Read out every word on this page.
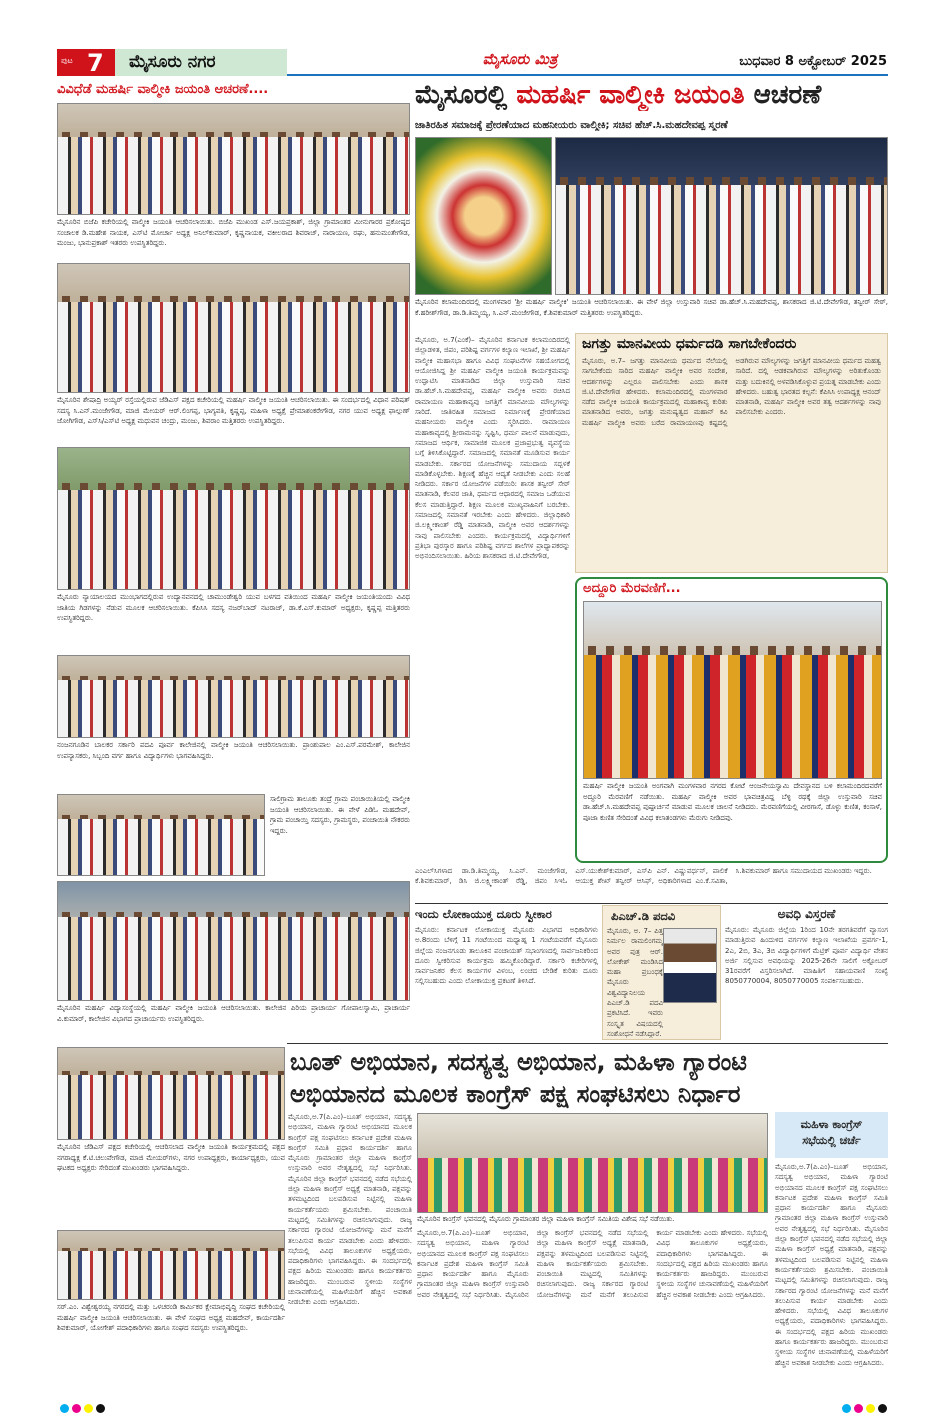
ಪುಟ 7 ಮೈಸೂರು ನಗರ	ಮೈಸೂರು ಮಿತ್ರ	ಬುಧವಾರ 8 ಅಕ್ಟೋಬರ್ 2025
ವಿವಿಧೆಡೆ ಮಹರ್ಷಿ ವಾಲ್ಮೀಕಿ ಜಯಂತಿ ಆಚರಣೆ....
ಮೈಸೂರಿನ ಬಿಜೆಪಿ ಕಚೇರಿಯಲ್ಲಿ ವಾಲ್ಮೀಕಿ ಜಯಂತಿ ಆಚರಿಸಲಾಯಿತು. ಬಿಜೆಪಿ ಮುಖಂಡ ಎಸ್.ಜಯಪ್ರಕಾಶ್, ಜಿಲ್ಲಾ ಗ್ರಾಮಾಂತರ ಮೀನುಗಾರರ ಪ್ರಕೋಷ್ಠದ ಸಂಚಾಲಕ ಡಿ.ಮಹೇಶ ನಾಯಕ, ಎಸ್‌ಟಿ ಮೋರ್ಚಾ ಅಧ್ಯಕ್ಷ ಅನಿಲ್‌ಕುಮಾರ್, ಕೃಷ್ಣನಾಯಕ, ವಕೀಲರಾದ ಶಿವರಾಜ್, ನಾರಾಯಣ, ರಘು, ಹನುಮಂತೇಗೌಡ, ಮಂಜು, ಭಾನುಪ್ರಕಾಶ್ ಇತರರು ಉಪಸ್ಥಿತರಿದ್ದರು.
ಮೈಸೂರಿನ ಶೇಷಾದ್ರಿ ಅಯ್ಯರ್ ರಸ್ತೆಯಲ್ಲಿರುವ ಜೆಡಿಎಸ್ ಪಕ್ಷದ ಕಚೇರಿಯಲ್ಲಿ ಮಹರ್ಷಿ ವಾಲ್ಮೀಕಿ ಜಯಂತಿ ಆಚರಿಸಲಾಯಿತು. ಈ ಸಂದರ್ಭದಲ್ಲಿ ವಿಧಾನ ಪರಿಷತ್ ಸದಸ್ಯ ಸಿ.ಎನ್.ಮಂಜೇಗೌಡ, ಮಾಜಿ ಮೇಯರ್ ಆರ್.ಲಿಂಗಪ್ಪ, ಭಾಗ್ಯವತಿ, ಕೃಷ್ಣಪ್ಪ, ಮಹಿಳಾ ಅಧ್ಯಕ್ಷೆ ಪ್ರೇಮಾಶಂಕರೇಗೌಡ, ನಗರ ಯುವ ಅಧ್ಯಕ್ಷ ಫಾಲ್ಗುಣ್ ಜೋಗಿಗೌಡ, ಎಸ್‌ಸಿ/ಎಸ್‌ಟಿ ಅಧ್ಯಕ್ಷ ಮಧುವನ ಚಂದ್ರು, ಮಂಜು, ಶಿವರಾಂ ಮತ್ತಿತರರು ಉಪಸ್ಥಿತರಿದ್ದರು.
ಮೈಸೂರು ನ್ಯಾಯಾಲಯದ ಮುಂಭಾಗದಲ್ಲಿರುವ ಉದ್ಯಾನವನದಲ್ಲಿ ಚಾಮುಂಡೇಶ್ವರಿ ಯುವ ಬಳಗದ ವತಿಯಿಂದ ಮಹರ್ಷಿ ವಾಲ್ಮೀಕಿ ಜಯಂತಿಯಂದು ವಿವಿಧ ಜಾತಿಯ ಗಿಡಗಳನ್ನು ನೆಡುವ ಮೂಲಕ ಆಚರಿಸಲಾಯಿತು. ಕೆಪಿಸಿಸಿ ಸದಸ್ಯ ನಜರ್‌ಬಾದ್ ನಟರಾಜ್, ಡಾ.ಕೆ.ಎಸ್.ಕುಮಾರ್ ಅಧ್ಯಕ್ಷರು, ಕೃಷ್ಣಪ್ಪ ಮತ್ತಿತರರು ಉಪಸ್ಥಿತರಿದ್ದರು.
ನಂಜನಗೂಡಿನ ಬಾಲಕರ ಸರ್ಕಾರಿ ಪದವಿ ಪೂರ್ವ ಕಾಲೇಜಿನಲ್ಲಿ ವಾಲ್ಮೀಕಿ ಜಯಂತಿ ಆಚರಿಸಲಾಯಿತು. ಪ್ರಾಂಶುಪಾಲ ಎಂ.ಎಸ್.ಪರಮೇಶ್, ಕಾಲೇಜಿನ ಉಪನ್ಯಾಸಕರು, ಸಿಬ್ಬಂದಿ ವರ್ಗ ಹಾಗೂ ವಿದ್ಯಾರ್ಥಿಗಳು ಭಾಗವಹಿಸಿದ್ದರು.
ಸಾಲಿಗ್ರಾಮ ತಾಲೂಕು ತಂದ್ರೆ ಗ್ರಾಮ ಪಂಚಾಯಿತಿಯಲ್ಲಿ ವಾಲ್ಮೀಕಿ ಜಯಂತಿ ಆಚರಿಸಲಾಯಿತು. ಈ ವೇಳೆ ಪಿಡಿಓ ಮಹದೇವ್, ಗ್ರಾಮ ಪಂಚಾಯ್ತಿ ಸದಸ್ಯರು, ಗ್ರಾಮಸ್ಥರು, ಪಂಚಾಯಿತಿ ನೌಕರರು ಇದ್ದರು.
ಮೈಸೂರಿನ ಮಹರ್ಷಿ ವಿದ್ಯಾಸಂಸ್ಥೆಯಲ್ಲಿ ಮಹರ್ಷಿ ವಾಲ್ಮೀಕಿ ಜಯಂತಿ ಆಚರಿಸಲಾಯಿತು. ಕಾಲೇಜಿನ ಪಿರಿಯ ಪ್ರಾಚಾರ್ಯ ಗೋಪಾಲಸ್ವಾಮಿ, ಪ್ರಾಚಾರ್ಯ ವಿ.ಕುಮಾರ್, ಕಾಲೇಜಿನ ವಿಭಾಗದ ಪ್ರಾಚಾರ್ಯರು ಉಪಸ್ಥಿತರಿದ್ದರು.
ಮೈಸೂರಲ್ಲಿ ಮಹರ್ಷಿ ವಾಲ್ಮೀಕಿ ಜಯಂತಿ ಆಚರಣೆ
ಜಾತಿರಹಿತ ಸಮಾಜಕ್ಕೆ ಪ್ರೇರಣೆಯಾದ ಮಹನೀಯರು ವಾಲ್ಮೀಕಿ; ಸಚಿವ ಹೆಚ್.ಸಿ.ಮಹದೇವಪ್ಪ ಸ್ಮರಣೆ
ಮೈಸೂರಿನ ಕಲಾಮಂದಿರದಲ್ಲಿ ಮಂಗಳವಾರ 'ಶ್ರೀ ಮಹರ್ಷಿ ವಾಲ್ಮೀಕಿ' ಜಯಂತಿ ಆಚರಿಸಲಾಯಿತು. ಈ ವೇಳೆ ಜಿಲ್ಲಾ ಉಸ್ತುವಾರಿ ಸಚಿವ ಡಾ.ಹೆಚ್.ಸಿ.ಮಹದೇವಪ್ಪ, ಶಾಸಕರಾದ ಜಿ.ಟಿ.ದೇವೇಗೌಡ, ತನ್ವೀರ್ ಸೇಠ್, ಕೆ.ಹರೀಶ್‌ಗೌಡ, ಡಾ.ಡಿ.ತಿಮ್ಮಯ್ಯ, ಸಿ.ಎನ್.ಮಂಜೇಗೌಡ, ಕೆ.ಶಿವಕುಮಾರ್ ಮತ್ತಿತರರು ಉಪಸ್ಥಿತರಿದ್ದರು.
ಮೈಸೂರು, ಅ.7(ಎಂಕೆ)– ಮೈಸೂರಿನ ಕರ್ನಾಟಕ ಕಲಾಮಂದಿರದಲ್ಲಿ ಜಿಲ್ಲಾಡಳಿತ, ಜಿಪಂ, ಪರಿಶಿಷ್ಟ ವರ್ಗಗಳ ಕಲ್ಯಾಣ ಇಲಾಖೆ, ಶ್ರೀ ಮಹರ್ಷಿ ವಾಲ್ಮೀಕಿ ಮಹಾಸಭಾ ಹಾಗೂ ವಿವಿಧ ಸಂಘಟನೆಗಳ ಸಹಯೋಗದಲ್ಲಿ ಆಯೋಜಿಸಿದ್ದ ಶ್ರೀ ಮಹರ್ಷಿ ವಾಲ್ಮೀಕಿ ಜಯಂತಿ ಕಾರ್ಯಕ್ರಮವನ್ನು ಉದ್ಘಾಟಿಸಿ ಮಾತನಾಡಿದ ಜಿಲ್ಲಾ ಉಸ್ತುವಾರಿ ಸಚಿವ ಡಾ.ಹೆಚ್.ಸಿ.ಮಹದೇವಪ್ಪ, ಮಹರ್ಷಿ ವಾಲ್ಮೀಕಿ ಅವರು ರಚಿಸಿದ ರಾಮಾಯಣ ಮಹಾಕಾವ್ಯವು ಜಗತ್ತಿಗೆ ಮಾನವೀಯ ಮೌಲ್ಯಗಳನ್ನು ಸಾರಿದೆ. ಜಾತಿರಹಿತ ಸಮಾಜದ ನಿರ್ಮಾಣಕ್ಕೆ ಪ್ರೇರಣೆಯಾದ ಮಹನೀಯರು ವಾಲ್ಮೀಕಿ ಎಂದು ಸ್ಮರಿಸಿದರು. ರಾಮಾಯಣ ಮಹಾಕಾವ್ಯದಲ್ಲಿ ಶ್ರೀರಾಮನನ್ನು ಸೃಷ್ಟಿಸಿ, ಧರ್ಮ ಪಾಲನೆ ಮಾಡುವುದು, ಸಮಾಜದ ಆರ್ಥಿಕ, ಸಾಮಾಜಿಕ ಮೂಲಕ ಪ್ರಜಾಪ್ರಭುತ್ವ ವ್ಯವಸ್ಥೆಯ ಬಗ್ಗೆ ತಿಳಿಸಿಕೊಟ್ಟಿದ್ದಾರೆ. ಸಮಾಜದಲ್ಲಿ ಸಮಾನತೆ ಮೂಡಿಸುವ ಕಾರ್ಯ ಮಾಡಬೇಕು. ಸರ್ಕಾರದ ಯೋಜನೆಗಳನ್ನು ಸಮುದಾಯ ಸದ್ಬಳಕೆ ಮಾಡಿಕೊಳ್ಳಬೇಕು. ಶಿಕ್ಷಣಕ್ಕೆ ಹೆಚ್ಚಿನ ಆದ್ಯತೆ ನೀಡಬೇಕು ಎಂದು ಸಲಹೆ ನೀಡಿದರು. ಸರ್ಕಾರ ಯೋಜನೆಗಳ ಪಡೆಯಿರಿ: ಶಾಸಕ ತನ್ವೀರ್ ಸೇಠ್ ಮಾತನಾಡಿ, ಕೆಲವರ ಜಾತಿ, ಧರ್ಮದ ಆಧಾರದಲ್ಲಿ ಸಮಾಜ ಒಡೆಯುವ ಕೆಲಸ ಮಾಡುತ್ತಿದ್ದಾರೆ. ಶಿಕ್ಷಣ ಮೂಲಕ ಮುಖ್ಯವಾಹಿನಿಗೆ ಬರಬೇಕು. ಸಮಾಜದಲ್ಲಿ ಸಮಾನತೆ ಇರಬೇಕು ಎಂದು ಹೇಳಿದರು. ಜಿಲ್ಲಾಧಿಕಾರಿ ಜಿ.ಲಕ್ಷ್ಮೀಕಾಂತ್ ರೆಡ್ಡಿ ಮಾತನಾಡಿ, ವಾಲ್ಮೀಕಿ ಅವರ ಆದರ್ಶಗಳನ್ನು ನಾವು ಪಾಲಿಸಬೇಕು ಎಂದರು. ಕಾರ್ಯಕ್ರಮದಲ್ಲಿ ವಿದ್ಯಾರ್ಥಿಗಳಿಗೆ ಪ್ರತಿಭಾ ಪುರಸ್ಕಾರ ಹಾಗೂ ಪರಿಶಿಷ್ಟ ವರ್ಗದ ಶಾಲೆಗಳ ಪ್ರಾಧ್ಯಾಪಕರನ್ನು ಅಭಿನಂದಿಸಲಾಯಿತು. ಹಿರಿಯ ಶಾಸಕರಾದ ಜಿ.ಟಿ.ದೇವೇಗೌಡ,
ಜಗತ್ತು ಮಾನವೀಯ ಧರ್ಮದಡಿ ಸಾಗಬೇಕೆಂದರು
ಮೈಸೂರು, ಅ.7– ಜಗತ್ತು ಮಾನವೀಯ ಧರ್ಮದ ನೆಲೆಯಲ್ಲಿ ಸಾಗಬೇಕೆಂದು ಸಾರಿದ ಮಹರ್ಷಿ ವಾಲ್ಮೀಕಿ ಅವರ ಸಂದೇಶ, ಆದರ್ಶಗಳನ್ನು ಎಲ್ಲರೂ ಪಾಲಿಸಬೇಕು ಎಂದು ಶಾಸಕ ಜಿ.ಟಿ.ದೇವೇಗೌಡ ಹೇಳಿದರು. ಕಲಾಮಂದಿರದಲ್ಲಿ ಮಂಗಳವಾರ ನಡೆದ ವಾಲ್ಮೀಕಿ ಜಯಂತಿ ಕಾರ್ಯಕ್ರಮದಲ್ಲಿ ಮಹಾಕಾವ್ಯ ಕುರಿತು ಮಾತನಾಡಿದ ಅವರು, ಜಗತ್ತು ಮನುಷ್ಯತ್ವದ ಮಹಾನ್ ಕವಿ ಮಹರ್ಷಿ ವಾಲ್ಮೀಕಿ ಅವರು ಬರೆದ ರಾಮಾಯಣವು ಕಷ್ಟದಲ್ಲಿ ಅಡಗಿರುವ ಮೌಲ್ಯಗಳನ್ನು ಜಗತ್ತಿಗೆ ಮಾನವೀಯ ಧರ್ಮದ ಮಹತ್ವ ಸಾರಿದೆ. ದಲ್ಲಿ ಆಡಕವಾಗಿರುವ ಮೌಲ್ಯಗಳನ್ನು ಅರಿತುಕೊಂಡು ಮತ್ತು ಬದುಕಿನಲ್ಲಿ ಅಳವಡಿಸಿಕೊಳ್ಳುವ ಪ್ರಯತ್ನ ಮಾಡಬೇಕು ಎಂದು ಹೇಳಿದರು. ಬಹುತ್ವ ಭಾರತದ ಕಲ್ಪನೆ: ಕೆಪಿಸಿಸಿ ಉಪಾಧ್ಯಕ್ಷ ಆನಂದ್ ಮಾತನಾಡಿ, ಮಹರ್ಷಿ ವಾಲ್ಮೀಕಿ ಅವರ ತತ್ವ ಆದರ್ಶಗಳನ್ನು ನಾವು ಪಾಲಿಸಬೇಕು ಎಂದರು.
ಅದ್ದೂರಿ ಮೆರವಣಿಗೆ...
ಮಹರ್ಷಿ ವಾಲ್ಮೀಕಿ ಜಯಂತಿ ಅಂಗವಾಗಿ ಮಂಗಳವಾರ ನಗರದ ಕೋಟೆ ಆಂಜನೇಯಸ್ವಾಮಿ ದೇವಸ್ಥಾನದ ಬಳಿ ಕಲಾಮಂದಿರದವರೆಗೆ ಅದ್ದೂರಿ ಮೆರವಣಿಗೆ ನಡೆಯಿತು. ಮಹರ್ಷಿ ವಾಲ್ಮೀಕಿ ಅವರ ಭಾವಚಿತ್ರವಿದ್ದ ಬೆಳ್ಳಿ ರಥಕ್ಕೆ ಜಿಲ್ಲಾ ಉಸ್ತುವಾರಿ ಸಚಿವ ಡಾ.ಹೆಚ್.ಸಿ.ಮಹದೇವಪ್ಪ ಪುಷ್ಪಾರ್ಚನೆ ಮಾಡುವ ಮೂಲಕ ಚಾಲನೆ ನೀಡಿದರು. ಮೆರವಣಿಗೆಯಲ್ಲಿ ವೀರಗಾಸೆ, ಡೊಳ್ಳು ಕುಣಿತ, ಕಂಸಾಳೆ, ಪೂಜಾ ಕುಣಿತ ಸೇರಿದಂತೆ ವಿವಿಧ ಕಲಾತಂಡಗಳು ಮೆರುಗು ನೀಡಿದವು.
ಎಂಎಲ್‌ಸಿಗಳಾದ ಡಾ.ಡಿ.ತಿಮ್ಮಯ್ಯ, ಸಿ.ಎನ್. ಮಂಜೇಗೌಡ, ಕೆ.ಶಿವಕುಮಾರ್, ಡಿಸಿ ಜಿ.ಲಕ್ಷ್ಮೀಕಾಂತ್ ರೆಡ್ಡಿ, ಜಿಪಂ ಸಿಇಓ ಎಸ್.ಯುಕೇಶ್‌ಕುಮಾರ್, ಎಸ್‌ಪಿ ಎನ್. ವಿಷ್ಣುವರ್ಧನ್, ಪಾಲಿಕೆ ಆಯುಕ್ತ ಶೇಖ್ ತನ್ವೀರ್ ಆಸಿಫ್, ಅಧಿಕಾರಿಗಳಾದ ಎಂ.ಕೆ.ಸವಿತಾ, ಸಿ.ಶಿವಕುಮಾರ್ ಹಾಗೂ ಸಮುದಾಯದ ಮುಖಂಡರು ಇದ್ದರು.
ಇಂದು ಲೋಕಾಯುಕ್ತ ದೂರು ಸ್ವೀಕಾರ
ಮೈಸೂರು: ಕರ್ನಾಟಕ ಲೋಕಾಯುಕ್ತ ಮೈಸೂರು ವಿಭಾಗದ ಅಧಿಕಾರಿಗಳು ಅ.8ರಂದು ಬೆಳಿಗ್ಗೆ 11 ಗಂಟೆಯಿಂದ ಮಧ್ಯಾಹ್ನ 1 ಗಂಟೆಯವರೆಗೆ ಮೈಸೂರು ಜಿಲ್ಲೆಯ ನಂಜನಗೂಡು ತಾಲೂಕಿನ ಪಂಚಾಯತ್ ಸಭಾಂಗಣದಲ್ಲಿ ಸಾರ್ವಜನಿಕರಿಂದ ದೂರು ಸ್ವೀಕರಿಸುವ ಕಾರ್ಯಕ್ರಮ ಹಮ್ಮಿಕೊಂಡಿದ್ದಾರೆ. ಸರ್ಕಾರಿ ಕಚೇರಿಗಳಲ್ಲಿ ಸಾರ್ವಜನಿಕರ ಕೆಲಸ ಕಾರ್ಯಗಳ ವಿಳಂಬ, ಲಂಚದ ಬೇಡಿಕೆ ಕುರಿತು ದೂರು ಸಲ್ಲಿಸಬಹುದು ಎಂದು ಲೋಕಾಯುಕ್ತ ಪ್ರಕಟಣೆ ತಿಳಿಸಿದೆ.
ಪಿಎಚ್.ಡಿ ಪದವಿ
ಮೈಸೂರು, ಅ. 7– ಪಿತ್ತ ನಿರ್ಮಲ ರಾಮಲಿಂಗಮ್ಮ ಅವರ ಪುತ್ರ ಆರ್. ಲೋಕೇಶ್ ಮಂಡಿಸಿದ ಮಹಾ ಪ್ರಬಂಧಕ್ಕೆ ಮೈಸೂರು ವಿಶ್ವವಿದ್ಯಾನಿಲಯ ಪಿಎಚ್.ಡಿ ಪದವಿ ಪ್ರಕಟಿಸಿದೆ. ಇವರು ಸಂಸ್ಕೃತ ವಿಷಯದಲ್ಲಿ ಸಂಶೋಧನೆ ನಡೆಸಿದ್ದಾರೆ.
ಅವಧಿ ವಿಸ್ತರಣೆ
ಮೈಸೂರು: ಮೈಸೂರು ಜಿಲ್ಲೆಯ 1ರಿಂದ 10ನೇ ತರಗತಿವರೆಗೆ ವ್ಯಾಸಂಗ ಮಾಡುತ್ತಿರುವ ಹಿಂದುಳಿದ ವರ್ಗಗಳ ಕಲ್ಯಾಣ ಇಲಾಖೆಯ ಪ್ರವರ್ಗ-1, 2ಎ, 2ಬಿ, 3ಎ, 3ಬಿ ವಿದ್ಯಾರ್ಥಿಗಳಿಗೆ ಮೆಟ್ರಿಕ್ ಪೂರ್ವ ವಿದ್ಯಾರ್ಥಿ ವೇತನ ಅರ್ಜಿ ಸಲ್ಲಿಸುವ ಅವಧಿಯನ್ನು 2025-26ನೇ ಸಾಲಿಗೆ ಅಕ್ಟೋಬರ್ 31ರವರೆಗೆ ವಿಸ್ತರಿಸಲಾಗಿದೆ. ಮಾಹಿತಿಗೆ ಸಹಾಯವಾಣಿ ಸಂಖ್ಯೆ 8050770004, 8050770005 ಸಂಪರ್ಕಿಸಬಹುದು.
ಮೈಸೂರಿನ ಜೆಡಿಎಸ್ ಪಕ್ಷದ ಕಚೇರಿಯಲ್ಲಿ ಆಚರಿಸಲಾದ ವಾಲ್ಮೀಕಿ ಜಯಂತಿ ಕಾರ್ಯಕ್ರಮದಲ್ಲಿ ಪಕ್ಷದ ನಗರಾಧ್ಯಕ್ಷ ಕೆ.ಟಿ.ಚಲುವೇಗೌಡ, ಮಾಜಿ ಮೇಯರ್‌ಗಳು, ನಗರ ಉಪಾಧ್ಯಕ್ಷರು, ಕಾರ್ಯಾಧ್ಯಕ್ಷರು, ಯುವ ಘಟಕದ ಅಧ್ಯಕ್ಷರು ಸೇರಿದಂತೆ ಮುಖಂಡರು ಭಾಗವಹಿಸಿದ್ದರು.
ಸರ್.ಎಂ. ವಿಶ್ವೇಶ್ವರಯ್ಯ ನಗರದಲ್ಲಿ ಮತ್ತು ಒಳಚರಂಡಿ ಕಾರ್ಮಿಕರ ಕ್ಷೇಮಾಭಿವೃದ್ಧಿ ಸಂಘದ ಕಚೇರಿಯಲ್ಲಿ ಮಹರ್ಷಿ ವಾಲ್ಮೀಕಿ ಜಯಂತಿ ಆಚರಿಸಲಾಯಿತು. ಈ ವೇಳೆ ಸಂಘದ ಅಧ್ಯಕ್ಷ ಮಹದೇವ್, ಕಾರ್ಯದರ್ಶಿ ಶಿವಕುಮಾರ್, ಯೋಗೇಶ್ ಪದಾಧಿಕಾರಿಗಳು ಹಾಗೂ ಸಂಘದ ಸದಸ್ಯರು ಉಪಸ್ಥಿತರಿದ್ದರು.
ಬೂತ್ ಅಭಿಯಾನ, ಸದಸ್ಯತ್ವ ಅಭಿಯಾನ, ಮಹಿಳಾ ಗ್ಯಾರಂಟಿ
ಅಭಿಯಾನದ ಮೂಲಕ ಕಾಂಗ್ರೆಸ್ ಪಕ್ಷ ಸಂಘಟಿಸಲು ನಿರ್ಧಾರ
ಮೈಸೂರಿನ ಕಾಂಗ್ರೆಸ್ ಭವನದಲ್ಲಿ ಮೈಸೂರು ಗ್ರಾಮಾಂತರ ಜಿಲ್ಲಾ ಮಹಿಳಾ ಕಾಂಗ್ರೆಸ್ ಸಮಿತಿಯ ವಿಶೇಷ ಸಭೆ ನಡೆಯಿತು.
ಮಹಿಳಾ ಕಾಂಗ್ರೆಸ್ ಸಭೆಯಲ್ಲಿ ಚರ್ಚೆ
ಮೈಸೂರು,ಅ.7(ಪಿ.ಎಂ)–ಬೂತ್ ಅಭಿಯಾನ, ಸದಸ್ಯತ್ವ ಅಭಿಯಾನ, ಮಹಿಳಾ ಗ್ಯಾರಂಟಿ ಅಭಿಯಾನದ ಮೂಲಕ ಕಾಂಗ್ರೆಸ್ ಪಕ್ಷ ಸಂಘಟಿಸಲು ಕರ್ನಾಟಕ ಪ್ರದೇಶ ಮಹಿಳಾ ಕಾಂಗ್ರೆಸ್ ಸಮಿತಿ ಪ್ರಧಾನ ಕಾರ್ಯದರ್ಶಿ ಹಾಗೂ ಮೈಸೂರು ಗ್ರಾಮಾಂತರ ಜಿಲ್ಲಾ ಮಹಿಳಾ ಕಾಂಗ್ರೆಸ್ ಉಸ್ತುವಾರಿ ಅವರ ನೇತೃತ್ವದಲ್ಲಿ ಸಭೆ ನಿರ್ಧರಿಸಿತು. ಮೈಸೂರಿನ ಜಿಲ್ಲಾ ಕಾಂಗ್ರೆಸ್ ಭವನದಲ್ಲಿ ನಡೆದ ಸಭೆಯಲ್ಲಿ ಜಿಲ್ಲಾ ಮಹಿಳಾ ಕಾಂಗ್ರೆಸ್ ಅಧ್ಯಕ್ಷೆ ಮಾತನಾಡಿ, ಪಕ್ಷವನ್ನು ತಳಮಟ್ಟದಿಂದ ಬಲಪಡಿಸುವ ನಿಟ್ಟಿನಲ್ಲಿ ಮಹಿಳಾ ಕಾರ್ಯಕರ್ತೆಯರು ಶ್ರಮಿಸಬೇಕು. ಪಂಚಾಯಿತಿ ಮಟ್ಟದಲ್ಲಿ ಸಮಿತಿಗಳನ್ನು ರಚಿಸಲಾಗುವುದು. ರಾಜ್ಯ ಸರ್ಕಾರದ ಗ್ಯಾರಂಟಿ ಯೋಜನೆಗಳನ್ನು ಮನೆ ಮನೆಗೆ ತಲುಪಿಸುವ ಕಾರ್ಯ ಮಾಡಬೇಕು ಎಂದು ಹೇಳಿದರು. ಸಭೆಯಲ್ಲಿ ವಿವಿಧ ತಾಲೂಕುಗಳ ಅಧ್ಯಕ್ಷೆಯರು, ಪದಾಧಿಕಾರಿಗಳು ಭಾಗವಹಿಸಿದ್ದರು. ಈ ಸಂದರ್ಭದಲ್ಲಿ ಪಕ್ಷದ ಹಿರಿಯ ಮುಖಂಡರು ಹಾಗೂ ಕಾರ್ಯಕರ್ತರು ಹಾಜರಿದ್ದರು. ಮುಂಬರುವ ಸ್ಥಳೀಯ ಸಂಸ್ಥೆಗಳ ಚುನಾವಣೆಯಲ್ಲಿ ಮಹಿಳೆಯರಿಗೆ ಹೆಚ್ಚಿನ ಅವಕಾಶ ನೀಡಬೇಕು ಎಂದು ಆಗ್ರಹಿಸಿದರು.
ಮೈಸೂರು,ಅ.7(ಪಿ.ಎಂ)–ಬೂತ್ ಅಭಿಯಾನ, ಸದಸ್ಯತ್ವ ಅಭಿಯಾನ, ಮಹಿಳಾ ಗ್ಯಾರಂಟಿ ಅಭಿಯಾನದ ಮೂಲಕ ಕಾಂಗ್ರೆಸ್ ಪಕ್ಷ ಸಂಘಟಿಸಲು ಕರ್ನಾಟಕ ಪ್ರದೇಶ ಮಹಿಳಾ ಕಾಂಗ್ರೆಸ್ ಸಮಿತಿ ಪ್ರಧಾನ ಕಾರ್ಯದರ್ಶಿ ಹಾಗೂ ಮೈಸೂರು ಗ್ರಾಮಾಂತರ ಜಿಲ್ಲಾ ಮಹಿಳಾ ಕಾಂಗ್ರೆಸ್ ಉಸ್ತುವಾರಿ ಅವರ ನೇತೃತ್ವದಲ್ಲಿ ಸಭೆ ನಿರ್ಧರಿಸಿತು. ಮೈಸೂರಿನ ಜಿಲ್ಲಾ ಕಾಂಗ್ರೆಸ್ ಭವನದಲ್ಲಿ ನಡೆದ ಸಭೆಯಲ್ಲಿ ಜಿಲ್ಲಾ ಮಹಿಳಾ ಕಾಂಗ್ರೆಸ್ ಅಧ್ಯಕ್ಷೆ ಮಾತನಾಡಿ, ಪಕ್ಷವನ್ನು ತಳಮಟ್ಟದಿಂದ ಬಲಪಡಿಸುವ ನಿಟ್ಟಿನಲ್ಲಿ ಮಹಿಳಾ ಕಾರ್ಯಕರ್ತೆಯರು ಶ್ರಮಿಸಬೇಕು. ಪಂಚಾಯಿತಿ ಮಟ್ಟದಲ್ಲಿ ಸಮಿತಿಗಳನ್ನು ರಚಿಸಲಾಗುವುದು. ರಾಜ್ಯ ಸರ್ಕಾರದ ಗ್ಯಾರಂಟಿ ಯೋಜನೆಗಳನ್ನು ಮನೆ ಮನೆಗೆ ತಲುಪಿಸುವ ಕಾರ್ಯ ಮಾಡಬೇಕು ಎಂದು ಹೇಳಿದರು. ಸಭೆಯಲ್ಲಿ ವಿವಿಧ ತಾಲೂಕುಗಳ ಅಧ್ಯಕ್ಷೆಯರು, ಪದಾಧಿಕಾರಿಗಳು ಭಾಗವಹಿಸಿದ್ದರು. ಈ ಸಂದರ್ಭದಲ್ಲಿ ಪಕ್ಷದ ಹಿರಿಯ ಮುಖಂಡರು ಹಾಗೂ ಕಾರ್ಯಕರ್ತರು ಹಾಜರಿದ್ದರು. ಮುಂಬರುವ ಸ್ಥಳೀಯ ಸಂಸ್ಥೆಗಳ ಚುನಾವಣೆಯಲ್ಲಿ ಮಹಿಳೆಯರಿಗೆ ಹೆಚ್ಚಿನ ಅವಕಾಶ ನೀಡಬೇಕು ಎಂದು ಆಗ್ರಹಿಸಿದರು.
ಮೈಸೂರು,ಅ.7(ಪಿ.ಎಂ)–ಬೂತ್ ಅಭಿಯಾನ, ಸದಸ್ಯತ್ವ ಅಭಿಯಾನ, ಮಹಿಳಾ ಗ್ಯಾರಂಟಿ ಅಭಿಯಾನದ ಮೂಲಕ ಕಾಂಗ್ರೆಸ್ ಪಕ್ಷ ಸಂಘಟಿಸಲು ಕರ್ನಾಟಕ ಪ್ರದೇಶ ಮಹಿಳಾ ಕಾಂಗ್ರೆಸ್ ಸಮಿತಿ ಪ್ರಧಾನ ಕಾರ್ಯದರ್ಶಿ ಹಾಗೂ ಮೈಸೂರು ಗ್ರಾಮಾಂತರ ಜಿಲ್ಲಾ ಮಹಿಳಾ ಕಾಂಗ್ರೆಸ್ ಉಸ್ತುವಾರಿ ಅವರ ನೇತೃತ್ವದಲ್ಲಿ ಸಭೆ ನಿರ್ಧರಿಸಿತು. ಮೈಸೂರಿನ ಜಿಲ್ಲಾ ಕಾಂಗ್ರೆಸ್ ಭವನದಲ್ಲಿ ನಡೆದ ಸಭೆಯಲ್ಲಿ ಜಿಲ್ಲಾ ಮಹಿಳಾ ಕಾಂಗ್ರೆಸ್ ಅಧ್ಯಕ್ಷೆ ಮಾತನಾಡಿ, ಪಕ್ಷವನ್ನು ತಳಮಟ್ಟದಿಂದ ಬಲಪಡಿಸುವ ನಿಟ್ಟಿನಲ್ಲಿ ಮಹಿಳಾ ಕಾರ್ಯಕರ್ತೆಯರು ಶ್ರಮಿಸಬೇಕು. ಪಂಚಾಯಿತಿ ಮಟ್ಟದಲ್ಲಿ ಸಮಿತಿಗಳನ್ನು ರಚಿಸಲಾಗುವುದು. ರಾಜ್ಯ ಸರ್ಕಾರದ ಗ್ಯಾರಂಟಿ ಯೋಜನೆಗಳನ್ನು ಮನೆ ಮನೆಗೆ ತಲುಪಿಸುವ ಕಾರ್ಯ ಮಾಡಬೇಕು ಎಂದು ಹೇಳಿದರು. ಸಭೆಯಲ್ಲಿ ವಿವಿಧ ತಾಲೂಕುಗಳ ಅಧ್ಯಕ್ಷೆಯರು, ಪದಾಧಿಕಾರಿಗಳು ಭಾಗವಹಿಸಿದ್ದರು. ಈ ಸಂದರ್ಭದಲ್ಲಿ ಪಕ್ಷದ ಹಿರಿಯ ಮುಖಂಡರು ಹಾಗೂ ಕಾರ್ಯಕರ್ತರು ಹಾಜರಿದ್ದರು. ಮುಂಬರುವ ಸ್ಥಳೀಯ ಸಂಸ್ಥೆಗಳ ಚುನಾವಣೆಯಲ್ಲಿ ಮಹಿಳೆಯರಿಗೆ ಹೆಚ್ಚಿನ ಅವಕಾಶ ನೀಡಬೇಕು ಎಂದು ಆಗ್ರಹಿಸಿದರು.
